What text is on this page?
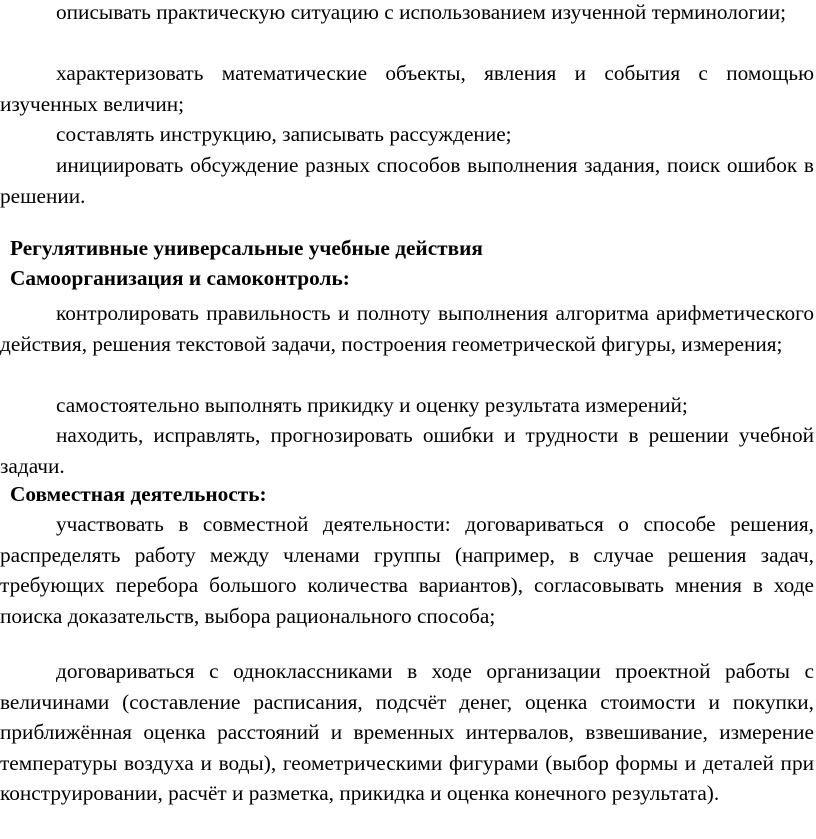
описывать практическую ситуацию с использованием изученной терминологии;

характеризовать математические объекты, явления и события с помощью изученных величин;

составлять инструкцию, записывать рассуждение;

инициировать обсуждение разных способов выполнения задания, поиск ошибок в решении.

Регулятивные универсальные учебные действия
Самоорганизация и самоконтроль:

контролировать правильность и полноту выполнения алгоритма арифметического действия, решения текстовой задачи, построения геометрической фигуры, измерения;

самостоятельно выполнять прикидку и оценку результата измерений;

находить, исправлять, прогнозировать ошибки и трудности в решении учебной задачи.

Совместная деятельность:

участвовать в совместной деятельности: договариваться о способе решения, распределять работу между членами группы (например, в случае решения задач, требующих перебора большого количества вариантов), согласовывать мнения в ходе поиска доказательств, выбора рационального способа;

договариваться с одноклассниками в ходе организации проектной работы с величинами (составление расписания, подсчёт денег, оценка стоимости и покупки, приближённая оценка расстояний и временных интервалов, взвешивание, измерение температуры воздуха и воды), геометрическими фигурами (выбор формы и деталей при конструировании, расчёт и разметка, прикидка и оценка конечного результата).
